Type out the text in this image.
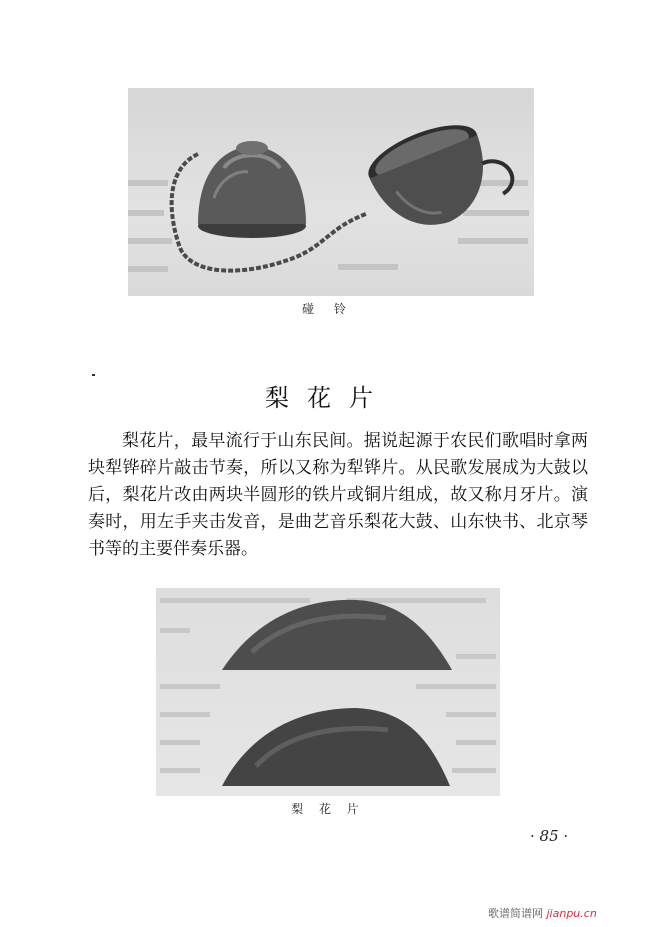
碰 铃
梨花片

梨花片，最早流行于山东民间。据说起源于农民们歌唱时拿两块犁铧碎片敲击节奏，所以又称为犁铧片。从民歌发展成为大鼓以后，梨花片改由两块半圆形的铁片或铜片组成，故又称月牙片。演奏时，用左手夹击发音，是曲艺音乐梨花大鼓、山东快书、北京琴书等的主要伴奏乐器。

梨 花 片
· 85 ·
歌谱简谱网 jianpu.cn
